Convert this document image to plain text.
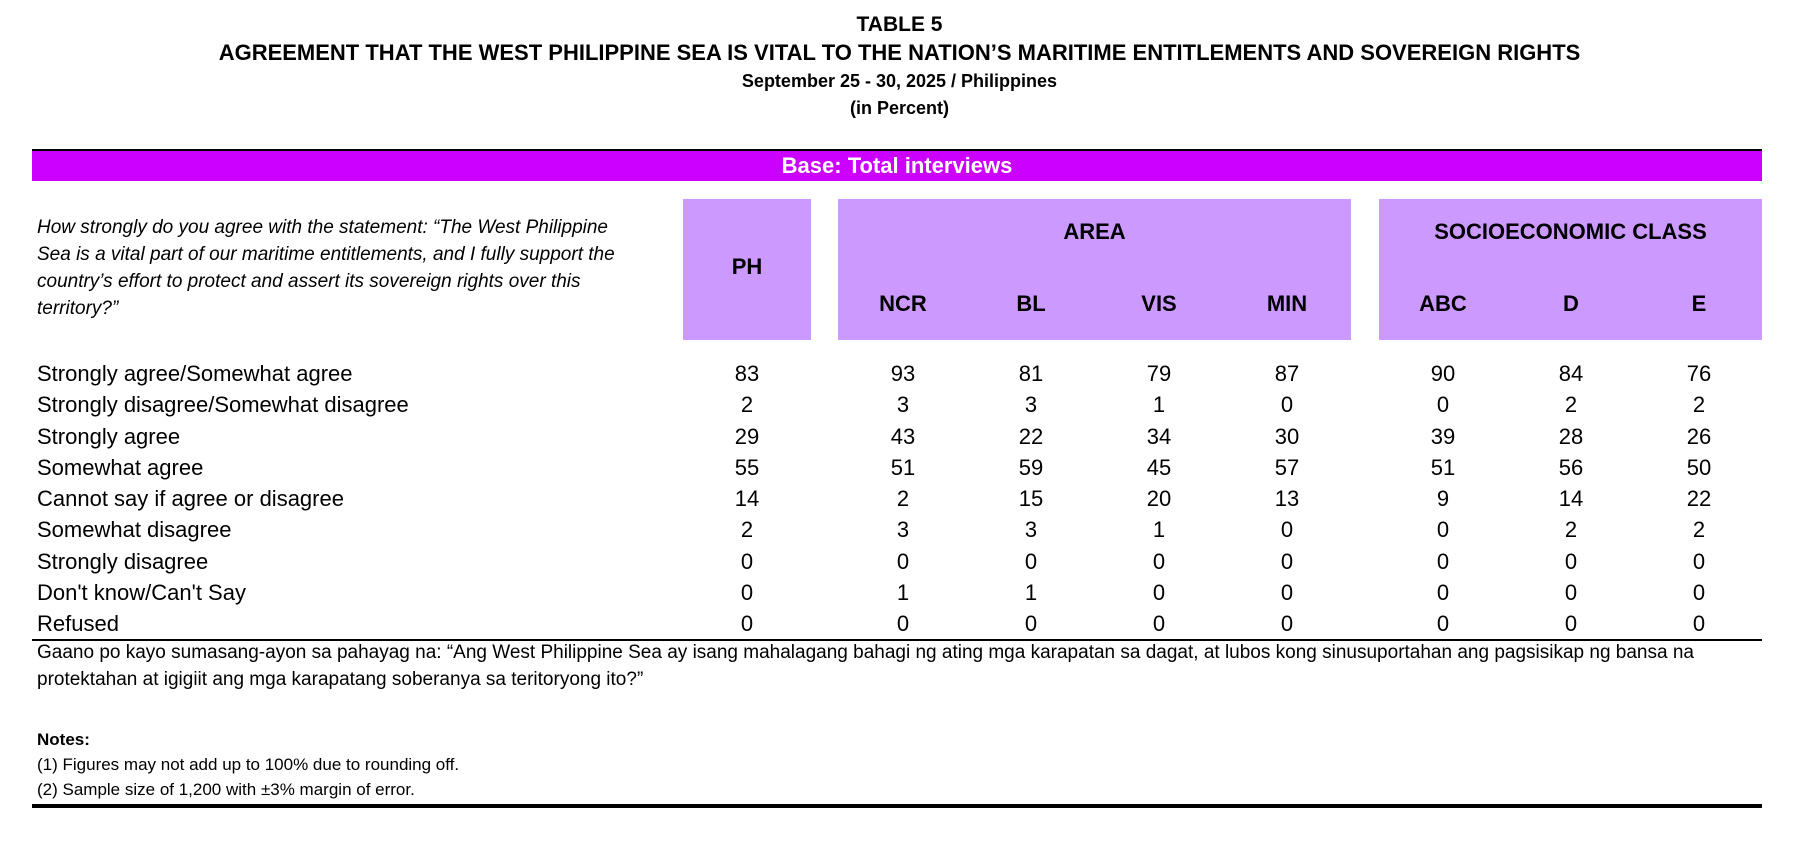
TABLE 5
AGREEMENT THAT THE WEST PHILIPPINE SEA IS VITAL TO THE NATION’S MARITIME ENTITLEMENTS AND SOVEREIGN RIGHTS
September 25 - 30, 2025 / Philippines
(in Percent)
Base: Total interviews
How strongly do you agree with the statement: “The West Philippine Sea is a vital part of our maritime entitlements, and I fully support the country’s effort to protect and assert its sovereign rights over this territory?”
PH
AREA	SOCIOECONOMIC CLASS
NCR	BL	VIS	MIN	ABC	D	E
Strongly agree/Somewhat agree	83	93	81	79	87	90	84	76
Strongly disagree/Somewhat disagree	2	3	3	1	0	0	2	2
Strongly agree	29	43	22	34	30	39	28	26
Somewhat agree	55	51	59	45	57	51	56	50
Cannot say if agree or disagree	14	2	15	20	13	9	14	22
Somewhat disagree	2	3	3	1	0	0	2	2
Strongly disagree	0	0	0	0	0	0	0	0
Don't know/Can't Say	0	1	1	0	0	0	0	0
Refused	0	0	0	0	0	0	0	0
Gaano po kayo sumasang-ayon sa pahayag na: “Ang West Philippine Sea ay isang mahalagang bahagi ng ating mga karapatan sa dagat, at lubos kong sinusuportahan ang pagsisikap ng bansa na protektahan at igigiit ang mga karapatang soberanya sa teritoryong ito?”
Notes:
(1) Figures may not add up to 100% due to rounding off.
(2) Sample size of 1,200 with ±3% margin of error.
